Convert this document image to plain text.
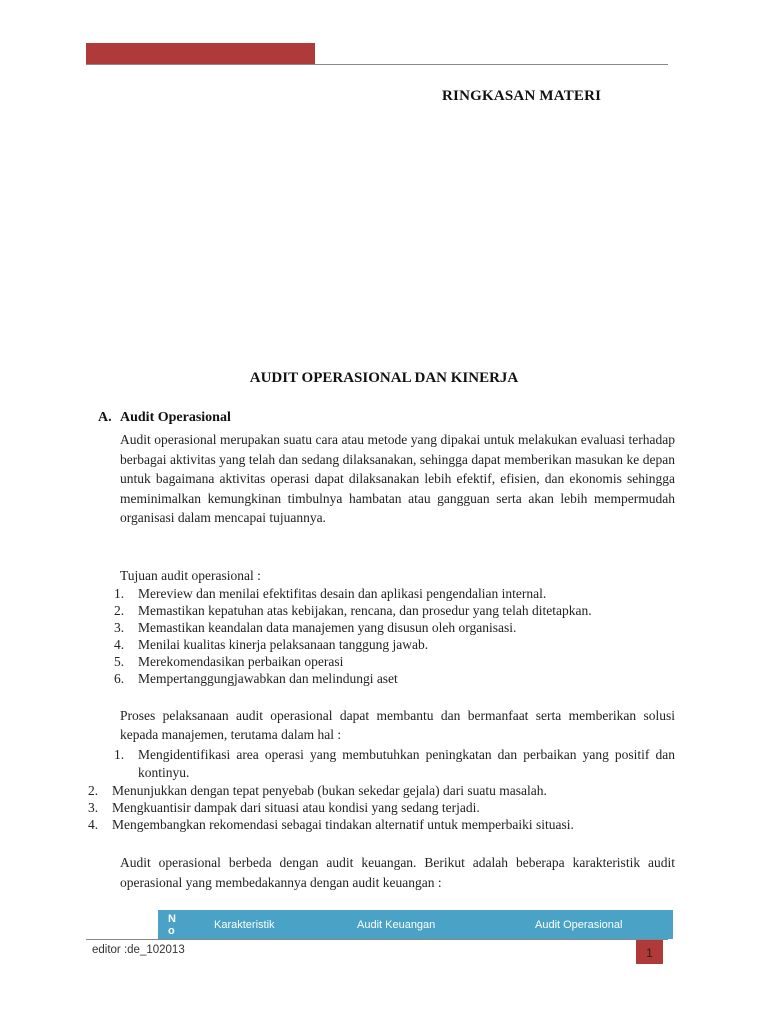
RINGKASAN MATERI
AUDIT OPERASIONAL DAN KINERJA
A. Audit Operasional
Audit operasional merupakan suatu cara atau metode yang dipakai untuk melakukan evaluasi terhadap berbagai aktivitas yang telah dan sedang dilaksanakan, sehingga dapat memberikan masukan ke depan untuk bagaimana aktivitas operasi dapat dilaksanakan lebih efektif, efisien, dan ekonomis sehingga meminimalkan kemungkinan timbulnya hambatan atau gangguan serta akan lebih mempermudah organisasi dalam mencapai tujuannya.
Tujuan audit operasional :
1. Mereview dan menilai efektifitas desain dan aplikasi pengendalian internal.
2. Memastikan kepatuhan atas kebijakan, rencana, dan prosedur yang telah ditetapkan.
3. Memastikan keandalan data manajemen yang disusun oleh organisasi.
4. Menilai kualitas kinerja pelaksanaan tanggung jawab.
5. Merekomendasikan perbaikan operasi
6. Mempertanggungjawabkan dan melindungi aset
Proses pelaksanaan audit operasional dapat membantu dan bermanfaat serta memberikan solusi kepada manajemen, terutama dalam hal :
1.	Mengidentifikasi area operasi yang membutuhkan peningkatan dan perbaikan yang positif dan kontinyu.
2. Menunjukkan dengan tepat penyebab (bukan sekedar gejala) dari suatu masalah.
3. Mengkuantisir dampak dari situasi atau kondisi yang sedang terjadi.
4. Mengembangkan rekomendasi sebagai tindakan alternatif untuk memperbaiki situasi.
Audit operasional berbeda dengan audit keuangan. Berikut adalah beberapa karakteristik audit operasional yang membedakannya dengan audit keuangan :
No	Karakteristik	Audit Keuangan	Audit Operasional
editor :de_102013	1
